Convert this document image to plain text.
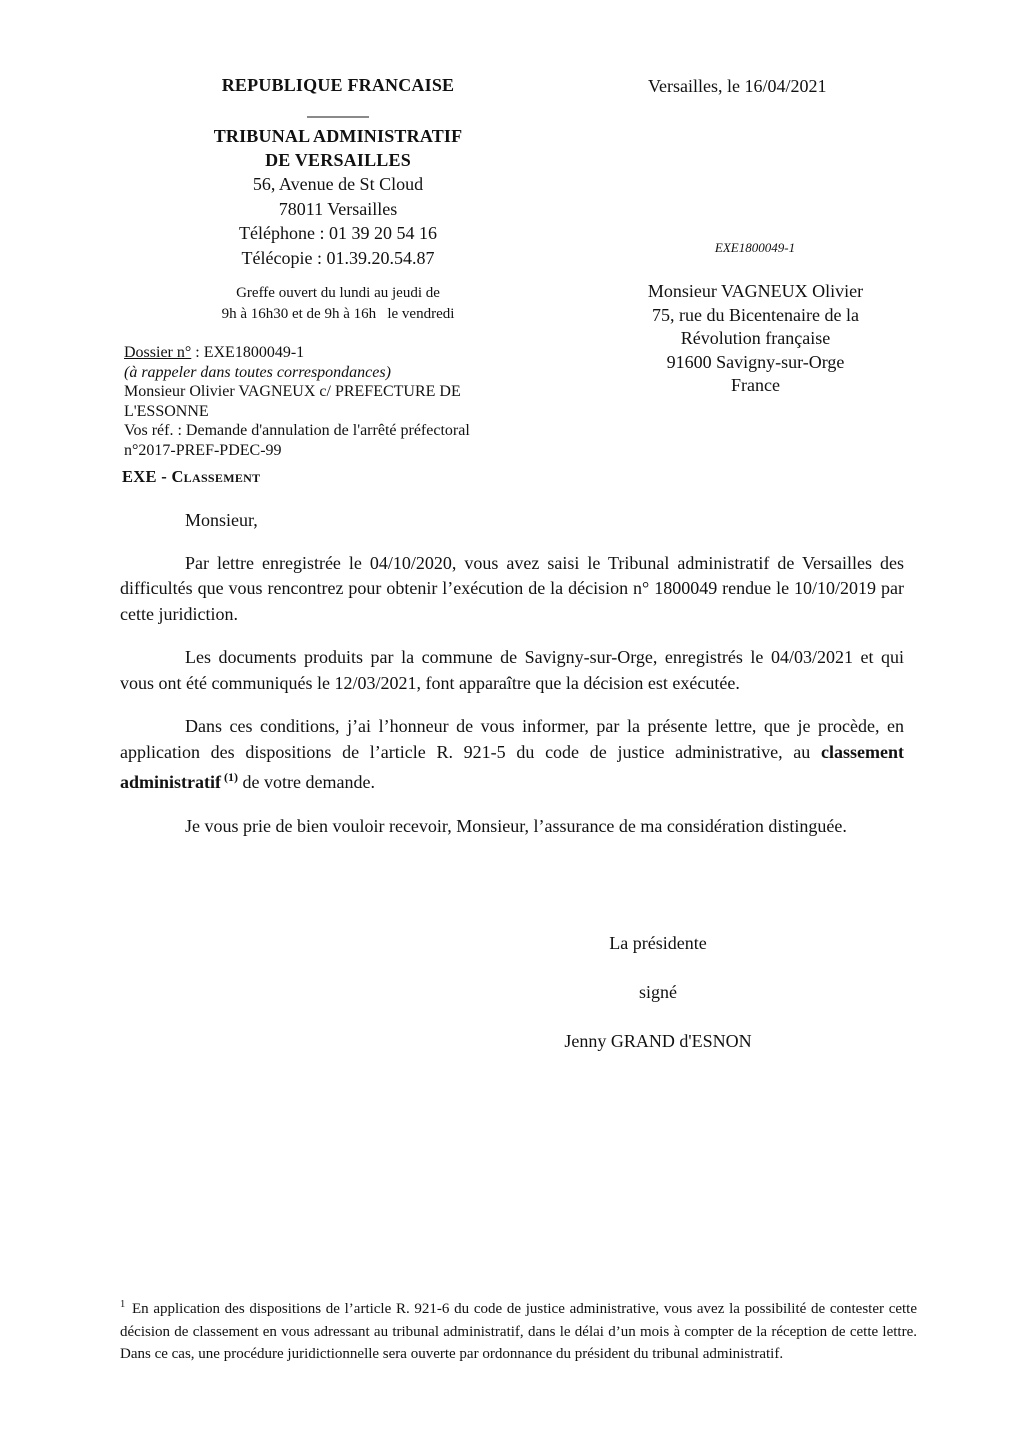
REPUBLIQUE FRANCAISE
TRIBUNAL ADMINISTRATIF
DE VERSAILLES
56, Avenue de St Cloud
78011 Versailles
Téléphone : 01 39 20 54 16
Télécopie : 01.39.20.54.87
Versailles, le 16/04/2021
EXE1800049-1
Greffe ouvert du lundi au jeudi de
9h à 16h30 et de 9h à 16h   le vendredi
Monsieur VAGNEUX Olivier
75, rue du Bicentenaire de la
Révolution française
91600 Savigny-sur-Orge
France
Dossier n° : EXE1800049-1
(à rappeler dans toutes correspondances)
Monsieur Olivier VAGNEUX c/ PREFECTURE DE
L'ESSONNE
Vos réf. : Demande d'annulation de l'arrêté préfectoral
n°2017-PREF-PDEC-99
EXE - Classement

Monsieur,

Par lettre enregistrée le 04/10/2020, vous avez saisi le Tribunal administratif de Versailles des difficultés que vous rencontrez pour obtenir l’exécution de la décision n° 1800049 rendue le 10/10/2019 par cette juridiction.

Les documents produits par la commune de Savigny-sur-Orge, enregistrés le 04/03/2021 et qui vous ont été communiqués le 12/03/2021, font apparaître que la décision est exécutée.

Dans ces conditions, j’ai l’honneur de vous informer, par la présente lettre, que je procède, en application des dispositions de l’article R. 921-5 du code de justice administrative, au classement administratif $^{(1)}$ de votre demande.

Je vous prie de bien vouloir recevoir, Monsieur, l’assurance de ma considération distinguée.

La présidente
signé
Jenny GRAND d'ESNON
$^1$ En application des dispositions de l’article R. 921-6 du code de justice administrative, vous avez la possibilité de contester cette décision de classement en vous adressant au tribunal administratif, dans le délai d’un mois à compter de la réception de cette lettre. Dans ce cas, une procédure juridictionnelle sera ouverte par ordonnance du président du tribunal administratif.
